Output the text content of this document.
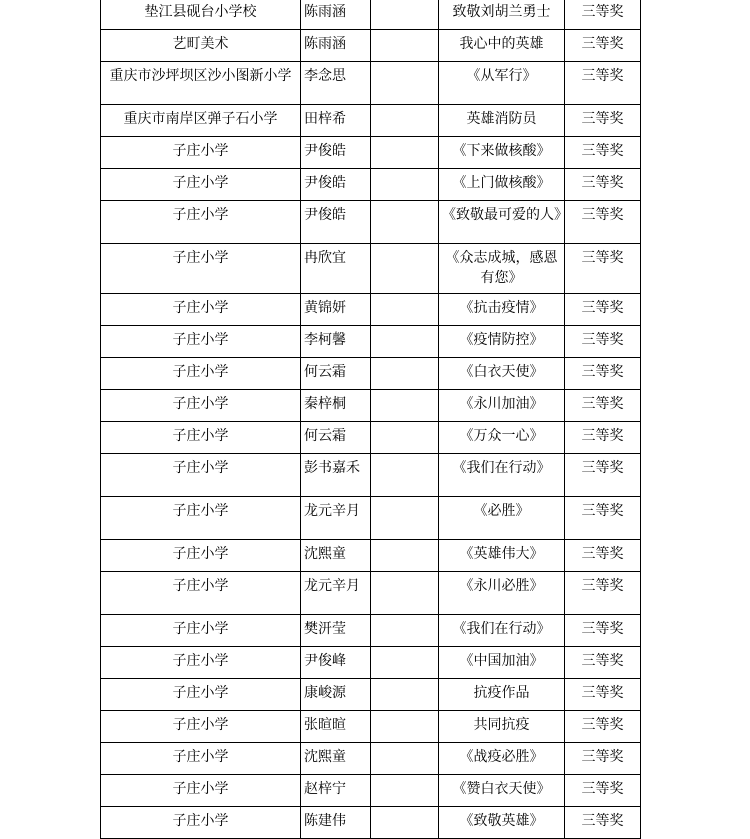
垫江县砚台小学校	陈雨涵		致敬刘胡兰勇士	三等奖
艺町美术	陈雨涵		我心中的英雄	三等奖
重庆市沙坪坝区沙小图新小学	李念思		《从军行》	三等奖
重庆市南岸区弹子石小学	田梓希		英雄消防员	三等奖
子庄小学	尹俊皓		《下来做核酸》	三等奖
子庄小学	尹俊皓		《上门做核酸》	三等奖
子庄小学	尹俊皓		《致敬最可爱的人》	三等奖
子庄小学	冉欣宜		《众志成城，感恩有您》	三等奖
子庄小学	黄锦妍		《抗击疫情》	三等奖
子庄小学	李柯馨		《疫情防控》	三等奖
子庄小学	何云霜		《白衣天使》	三等奖
子庄小学	秦梓桐		《永川加油》	三等奖
子庄小学	何云霜		《万众一心》	三等奖
子庄小学	彭书嘉禾		《我们在行动》	三等奖
子庄小学	龙元辛月		《必胜》	三等奖
子庄小学	沈熙童		《英雄伟大》	三等奖
子庄小学	龙元辛月		《永川必胜》	三等奖
子庄小学	樊汧莹		《我们在行动》	三等奖
子庄小学	尹俊峰		《中国加油》	三等奖
子庄小学	康峻源		抗疫作品	三等奖
子庄小学	张暄暄		共同抗疫	三等奖
子庄小学	沈熙童		《战疫必胜》	三等奖
子庄小学	赵梓宁		《赞白衣天使》	三等奖
子庄小学	陈建伟		《致敬英雄》	三等奖
